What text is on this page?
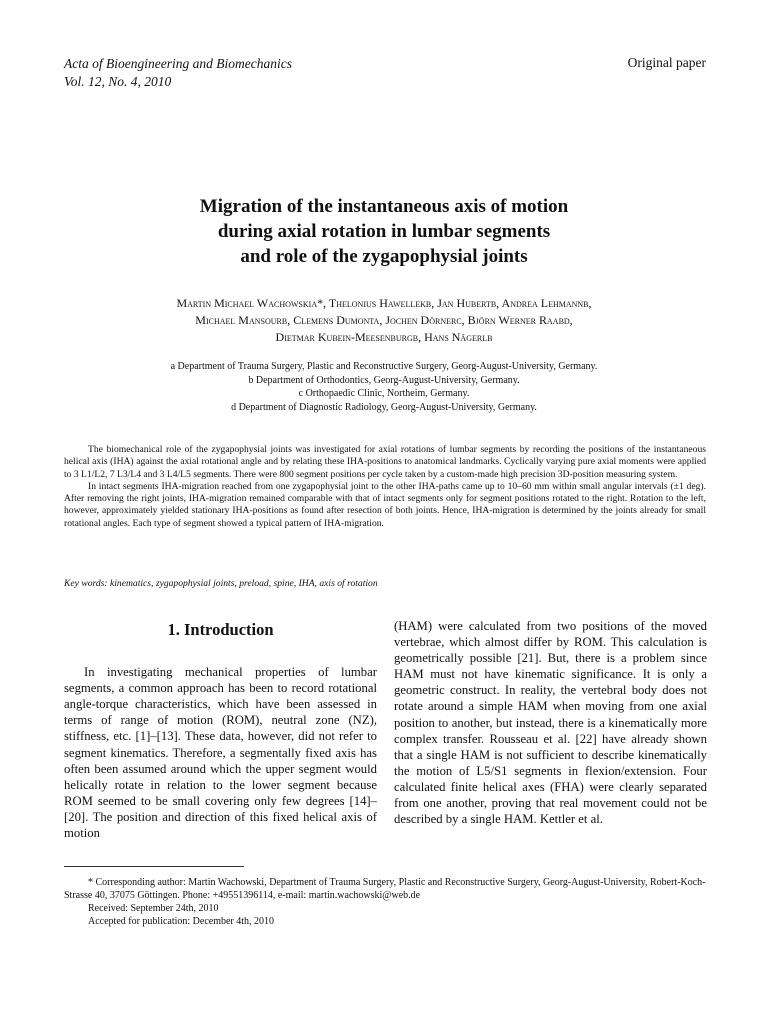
Acta of Bioengineering and Biomechanics
Vol. 12, No. 4, 2010
Original paper
Migration of the instantaneous axis of motion
during axial rotation in lumbar segments
and role of the zygapophysial joints
Martin Michael Wachowskia*, Thelonius Hawellekb, Jan Hubertb, Andrea Lehmannb,
Michael Mansourb, Clemens Dumonta, Jochen Dörnerc, Björn Werner Raabd,
Dietmar Kubein-Meesenburgb, Hans Nägerlb
a Department of Trauma Surgery, Plastic and Reconstructive Surgery, Georg-August-University, Germany.
b Department of Orthodontics, Georg-August-University, Germany.
c Orthopaedic Clinic, Northeim, Germany.
d Department of Diagnostic Radiology, Georg-August-University, Germany.

The biomechanical role of the zygapophysial joints was investigated for axial rotations of lumbar segments by recording the positions of the instantaneous helical axis (IHA) against the axial rotational angle and by relating these IHA-positions to anatomical landmarks. Cyclically varying pure axial moments were applied to 3 L1/L2, 7 L3/L4 and 3 L4/L5 segments. There were 800 segment positions per cycle taken by a custom-made high precision 3D-position measuring system.

In intact segments IHA-migration reached from one zygapophysial joint to the other IHA-paths came up to 10–60 mm within small angular intervals (±1 deg). After removing the right joints, IHA-migration remained comparable with that of intact segments only for segment positions rotated to the right. Rotation to the left, however, approximately yielded stationary IHA-positions as found after resection of both joints. Hence, IHA-migration is determined by the joints already for small rotational angles. Each type of segment showed a typical pattern of IHA-migration.

Key words: kinematics, zygapophysial joints, preload, spine, IHA, axis of rotation
1. Introduction

In investigating mechanical properties of lumbar segments, a common approach has been to record rotational angle-torque characteristics, which have been assessed in terms of range of motion (ROM), neutral zone (NZ), stiffness, etc. [1]–[13]. These data, however, did not refer to segment kinematics. Therefore, a segmentally fixed axis has often been assumed around which the upper segment would helically rotate in relation to the lower segment because ROM seemed to be small covering only few degrees [14]–[20]. The position and direction of this fixed helical axis of motion

(HAM) were calculated from two positions of the moved vertebrae, which almost differ by ROM. This calculation is geometrically possible [21]. But, there is a problem since HAM must not have kinematic significance. It is only a geometric construct. In reality, the vertebral body does not rotate around a simple HAM when moving from one axial position to another, but instead, there is a kinematically more complex transfer. Rousseau et al. [22] have already shown that a single HAM is not sufficient to describe kinematically the motion of L5/S1 segments in flexion/extension. Four calculated finite helical axes (FHA) were clearly separated from one another, proving that real movement could not be described by a single HAM. Kettler et al.

* Corresponding author: Martin Wachowski, Department of Trauma Surgery, Plastic and Reconstructive Surgery, Georg-August-University, Robert-Koch-Strasse 40, 37075 Göttingen. Phone: +49551396114, e-mail: martin.wachowski@web.de

Received: September 24th, 2010

Accepted for publication: December 4th, 2010
